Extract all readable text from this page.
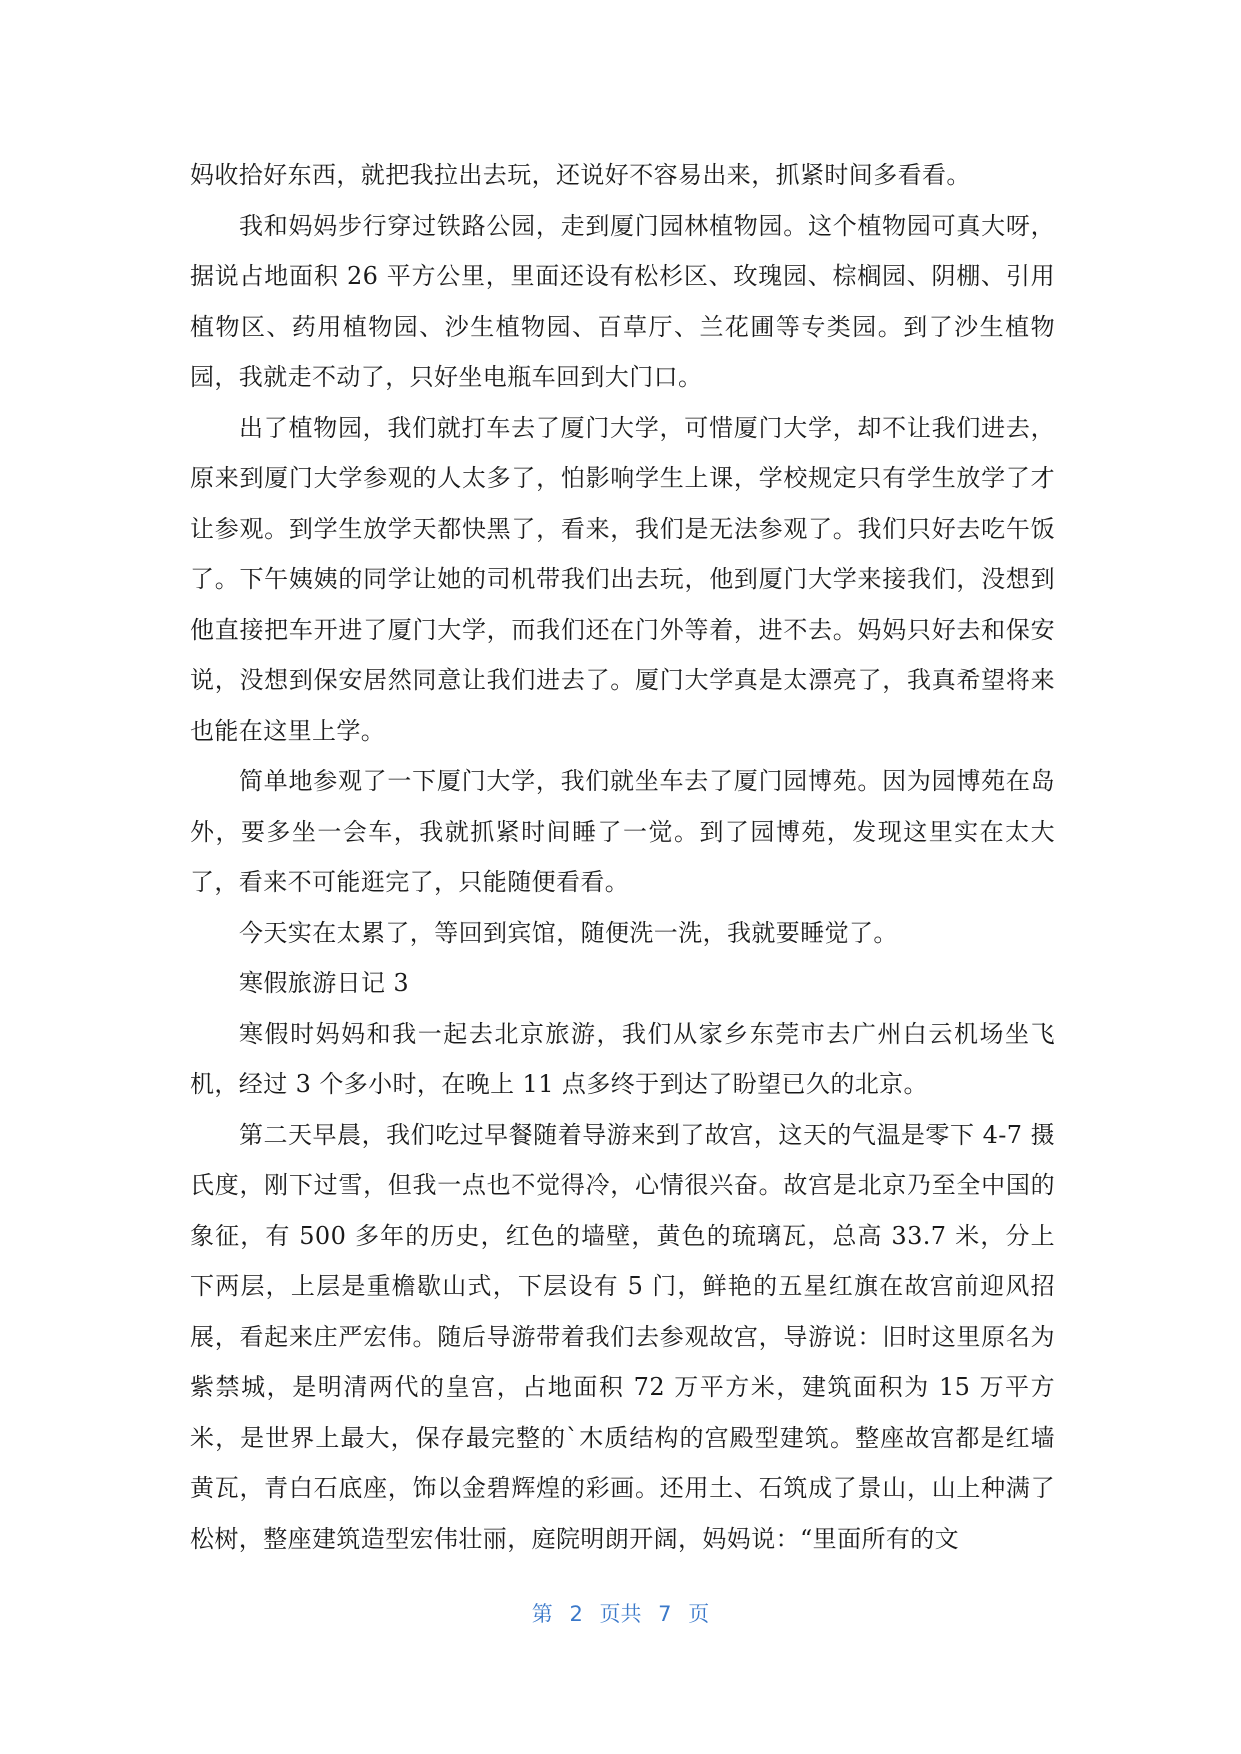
妈收拾好东西，就把我拉出去玩，还说好不容易出来，抓紧时间多看看。

我和妈妈步行穿过铁路公园，走到厦门园林植物园。这个植物园可真大呀，据说占地面积 26 平方公里，里面还设有松杉区、玫瑰园、棕榈园、阴棚、引用植物区、药用植物园、沙生植物园、百草厅、兰花圃等专类园。到了沙生植物园，我就走不动了，只好坐电瓶车回到大门口。

出了植物园，我们就打车去了厦门大学，可惜厦门大学，却不让我们进去，原来到厦门大学参观的人太多了，怕影响学生上课，学校规定只有学生放学了才让参观。到学生放学天都快黑了，看来，我们是无法参观了。我们只好去吃午饭了。下午姨姨的同学让她的司机带我们出去玩，他到厦门大学来接我们，没想到他直接把车开进了厦门大学，而我们还在门外等着，进不去。妈妈只好去和保安说，没想到保安居然同意让我们进去了。厦门大学真是太漂亮了，我真希望将来也能在这里上学。

简单地参观了一下厦门大学，我们就坐车去了厦门园博苑。因为园博苑在岛外，要多坐一会车，我就抓紧时间睡了一觉。到了园博苑，发现这里实在太大了，看来不可能逛完了，只能随便看看。

今天实在太累了，等回到宾馆，随便洗一洗，我就要睡觉了。

寒假旅游日记 3

寒假时妈妈和我一起去北京旅游，我们从家乡东莞市去广州白云机场坐飞机，经过 3 个多小时，在晚上 11 点多终于到达了盼望已久的北京。

第二天早晨，我们吃过早餐随着导游来到了故宫，这天的气温是零下 4-7 摄氏度，刚下过雪，但我一点也不觉得冷，心情很兴奋。故宫是北京乃至全中国的象征，有 500 多年的历史，红色的墙壁，黄色的琉璃瓦，总高 33.7 米，分上下两层，上层是重檐歇山式，下层设有 5 门，鲜艳的五星红旗在故宫前迎风招展，看起来庄严宏伟。随后导游带着我们去参观故宫，导游说：旧时这里原名为紫禁城，是明清两代的皇宫，占地面积 72 万平方米，建筑面积为 15 万平方米，是世界上最大，保存最完整的`木质结构的宫殿型建筑。整座故宫都是红墙黄瓦，青白石底座，饰以金碧辉煌的彩画。还用土、石筑成了景山，山上种满了松树，整座建筑造型宏伟壮丽，庭院明朗开阔，妈妈说：“里面所有的文

第 2 页共 7 页
